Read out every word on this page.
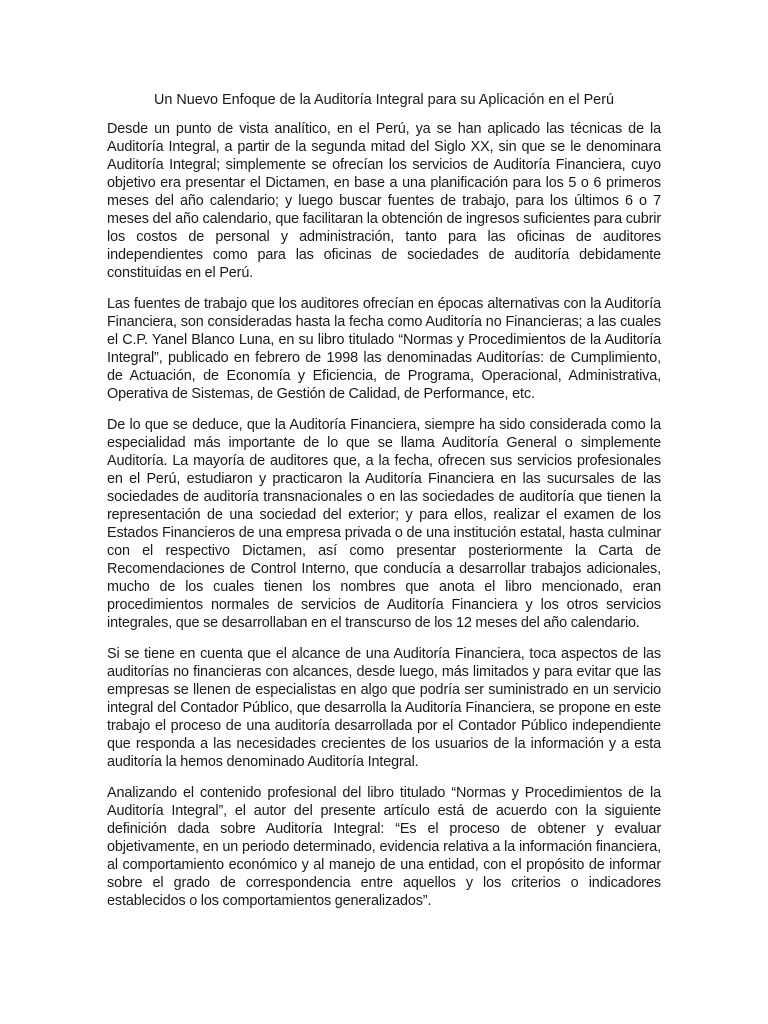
Un Nuevo Enfoque de la Auditoría Integral para su Aplicación en el Perú

Desde un punto de vista analítico, en el Perú, ya se han aplicado las técnicas de la Auditoría Integral, a partir de la segunda mitad del Siglo XX, sin que se le denominara Auditoría Integral; simplemente se ofrecían los servicios de Auditoría Financiera, cuyo objetivo era presentar el Dictamen, en base a una planificación para los 5 o 6 primeros meses del año calendario; y luego buscar fuentes de trabajo, para los últimos 6 o 7 meses del año calendario, que facilitaran la obtención de ingresos suficientes para cubrir los costos de personal y administración, tanto para las oficinas de auditores independientes como para las oficinas de sociedades de auditoría debidamente constituidas en el Perú.

Las fuentes de trabajo que los auditores ofrecían en épocas alternativas con la Auditoría Financiera, son consideradas hasta la fecha como Auditoría no Financieras; a las cuales el C.P. Yanel Blanco Luna, en su libro titulado “Normas y Procedimientos de la Auditoría Integral”, publicado en febrero de 1998 las denominadas Auditorías: de Cumplimiento, de Actuación, de Economía y Eficiencia, de Programa, Operacional, Administrativa, Operativa de Sistemas, de Gestión de Calidad, de Performance, etc.

De lo que se deduce, que la Auditoría Financiera, siempre ha sido considerada como la especialidad más importante de lo que se llama Auditoría General o simplemente Auditoría. La mayoría de auditores que, a la fecha, ofrecen sus servicios profesionales en el Perú, estudiaron y practicaron la Auditoría Financiera en las sucursales de las sociedades de auditoría transnacionales o en las sociedades de auditoría que tienen la representación de una sociedad del exterior; y para ellos, realizar el examen de los Estados Financieros de una empresa privada o de una institución estatal, hasta culminar con el respectivo Dictamen, así como presentar posteriormente la Carta de Recomendaciones de Control Interno, que conducía a desarrollar trabajos adicionales, mucho de los cuales tienen los nombres que anota el libro mencionado, eran procedimientos normales de servicios de Auditoría Financiera y los otros servicios integrales, que se desarrollaban en el transcurso de los 12 meses del año calendario.

Si se tiene en cuenta que el alcance de una Auditoría Financiera, toca aspectos de las auditorías no financieras con alcances, desde luego, más limitados y para evitar que las empresas se llenen de especialistas en algo que podría ser suministrado en un servicio integral del Contador Público, que desarrolla la Auditoría Financiera, se propone en este trabajo el proceso de una auditoría desarrollada por el Contador Público independiente que responda a las necesidades crecientes de los usuarios de la información y a esta auditoría la hemos denominado Auditoría Integral.

Analizando el contenido profesional del libro titulado “Normas y Procedimientos de la Auditoría Integral”, el autor del presente artículo está de acuerdo con la siguiente definición dada sobre Auditoría Integral: “Es el proceso de obtener y evaluar objetivamente, en un periodo determinado, evidencia relativa a la información financiera, al comportamiento económico y al manejo de una entidad, con el propósito de informar sobre el grado de correspondencia entre aquellos y los criterios o indicadores establecidos o los comportamientos generalizados”.
